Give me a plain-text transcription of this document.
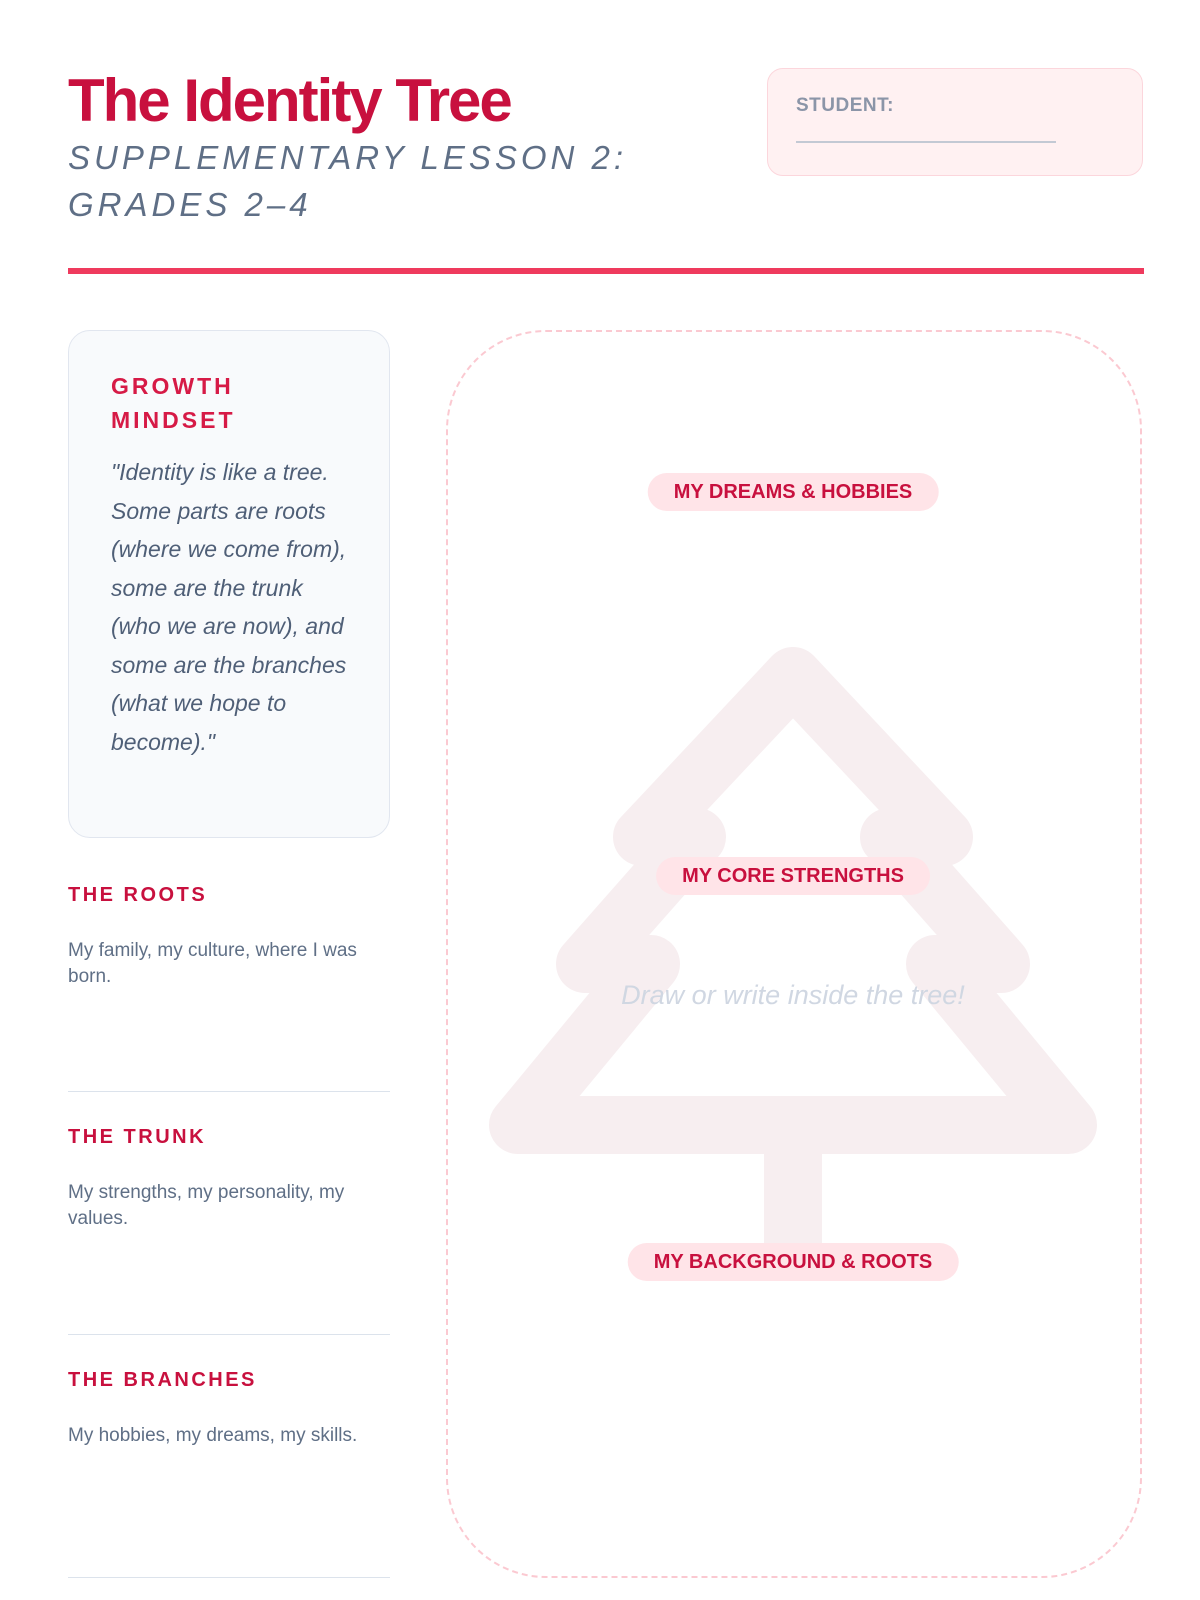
The Identity Tree

SUPPLEMENTARY LESSON 2: GRADES 2–4

STUDENT:
GROWTH MINDSET

"Identity is like a tree. Some parts are roots (where we come from), some are the trunk (who we are now), and some are the branches (what we hope to become)."

THE ROOTS

My family, my culture, where I was born.

THE TRUNK

My strengths, my personality, my values.

THE BRANCHES

My hobbies, my dreams, my skills.

MY DREAMS & HOBBIES
MY CORE STRENGTHS

Draw or write inside the tree!

MY BACKGROUND & ROOTS
